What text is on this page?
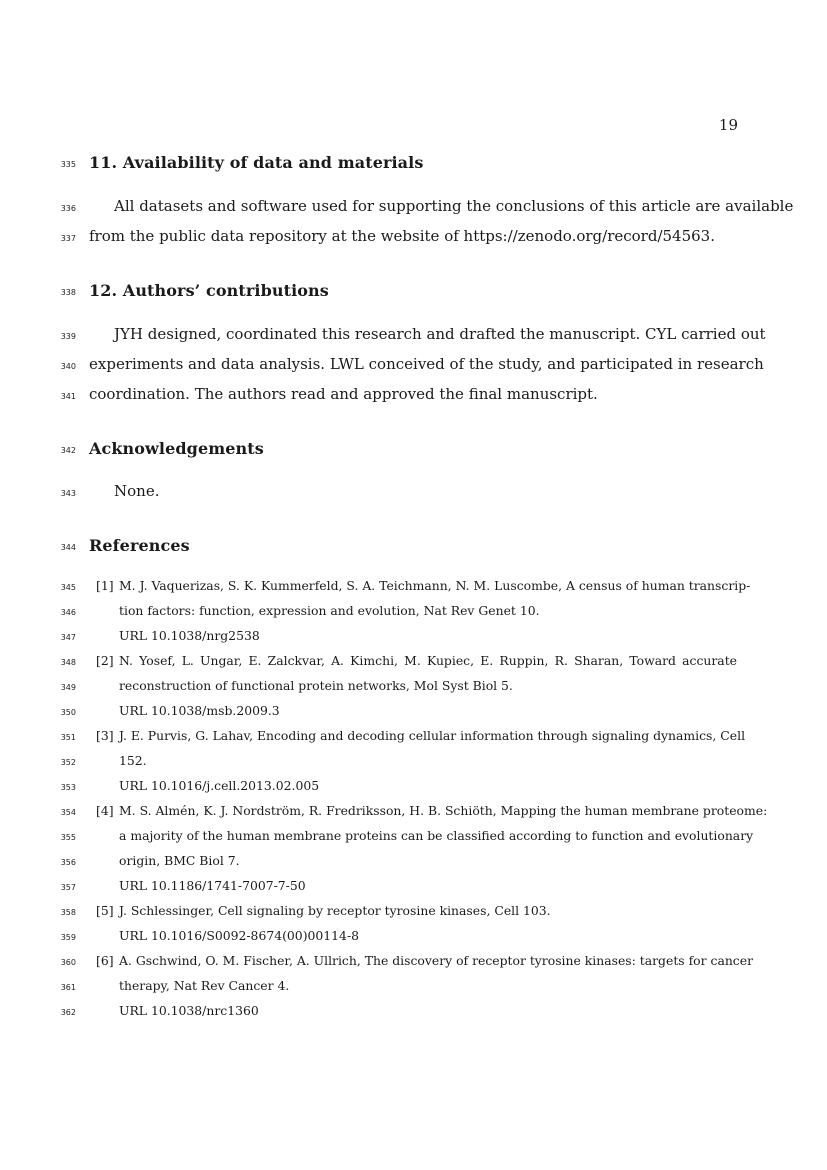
19
335 11. Availability of data and materials
336	All datasets and software used for supporting the conclusions of this article are available
337 from the public data repository at the website of https://zenodo.org/record/54563.
338 12. Authors’ contributions
339	JYH designed, coordinated this research and drafted the manuscript. CYL carried out
340 experiments and data analysis. LWL conceived of the study, and participated in research
341 coordination. The authors read and approved the final manuscript.
342 Acknowledgements
343	None.
344 References
345 [1] M. J. Vaquerizas, S. K. Kummerfeld, S. A. Teichmann, N. M. Luscombe, A census of human transcrip-
346	tion factors: function, expression and evolution, Nat Rev Genet 10.
347	URL 10.1038/nrg2538
348 [2] N. Yosef, L. Ungar, E. Zalckvar, A. Kimchi, M. Kupiec, E. Ruppin, R. Sharan, Toward accurate
349	reconstruction of functional protein networks, Mol Syst Biol 5.
350	URL 10.1038/msb.2009.3
351 [3] J. E. Purvis, G. Lahav, Encoding and decoding cellular information through signaling dynamics, Cell
352	152.
353	URL 10.1016/j.cell.2013.02.005
354 [4] M. S. Almén, K. J. Nordström, R. Fredriksson, H. B. Schiöth, Mapping the human membrane proteome:
355	a majority of the human membrane proteins can be classified according to function and evolutionary
356	origin, BMC Biol 7.
357	URL 10.1186/1741-7007-7-50
358 [5] J. Schlessinger, Cell signaling by receptor tyrosine kinases, Cell 103.
359	URL 10.1016/S0092-8674(00)00114-8
360 [6] A. Gschwind, O. M. Fischer, A. Ullrich, The discovery of receptor tyrosine kinases: targets for cancer
361	therapy, Nat Rev Cancer 4.
362	URL 10.1038/nrc1360
